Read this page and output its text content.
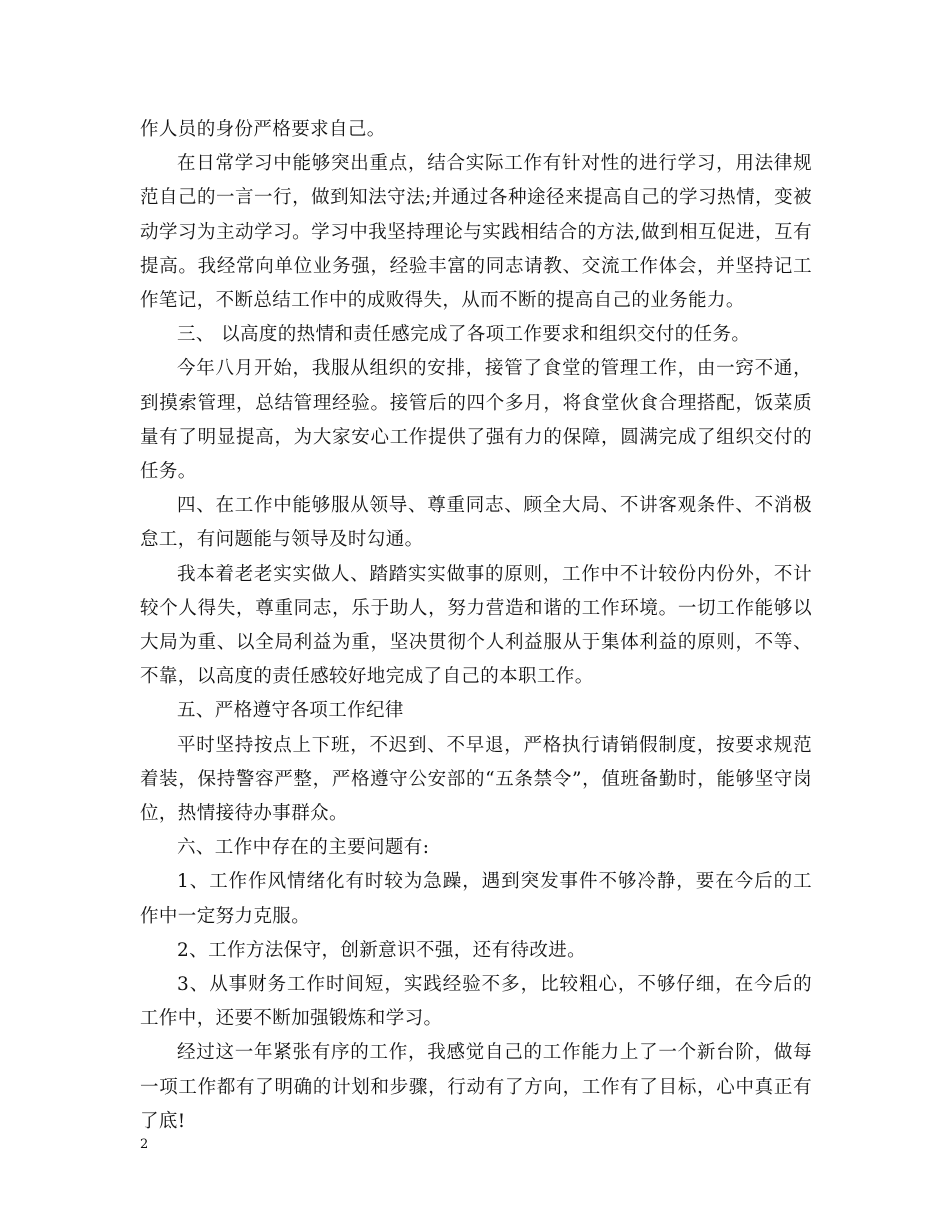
作人员的身份严格要求自己。

在日常学习中能够突出重点，结合实际工作有针对性的进行学习，用法律规范自己的一言一行，做到知法守法;并通过各种途径来提高自己的学习热情，变被动学习为主动学习。学习中我坚持理论与实践相结合的方法,做到相互促进，互有提高。我经常向单位业务强，经验丰富的同志请教、交流工作体会，并坚持记工作笔记，不断总结工作中的成败得失，从而不断的提高自己的业务能力。

三、 以高度的热情和责任感完成了各项工作要求和组织交付的任务。

今年八月开始，我服从组织的安排，接管了食堂的管理工作，由一窍不通，到摸索管理，总结管理经验。接管后的四个多月，将食堂伙食合理搭配，饭菜质量有了明显提高，为大家安心工作提供了强有力的保障，圆满完成了组织交付的任务。

四、在工作中能够服从领导、尊重同志、顾全大局、不讲客观条件、不消极怠工，有问题能与领导及时勾通。

我本着老老实实做人、踏踏实实做事的原则，工作中不计较份内份外，不计较个人得失，尊重同志，乐于助人，努力营造和谐的工作环境。一切工作能够以大局为重、以全局利益为重，坚决贯彻个人利益服从于集体利益的原则，不等、不靠，以高度的责任感较好地完成了自己的本职工作。

五、严格遵守各项工作纪律

平时坚持按点上下班，不迟到、不早退，严格执行请销假制度，按要求规范着装，保持警容严整，严格遵守公安部的“五条禁令”，值班备勤时，能够坚守岗位，热情接待办事群众。

六、工作中存在的主要问题有:

1、工作作风情绪化有时较为急躁，遇到突发事件不够冷静，要在今后的工作中一定努力克服。

2、工作方法保守，创新意识不强，还有待改进。

3、从事财务工作时间短，实践经验不多，比较粗心，不够仔细，在今后的工作中，还要不断加强锻炼和学习。

经过这一年紧张有序的工作，我感觉自己的工作能力上了一个新台阶，做每一项工作都有了明确的计划和步骤，行动有了方向，工作有了目标，心中真正有了底!

2
